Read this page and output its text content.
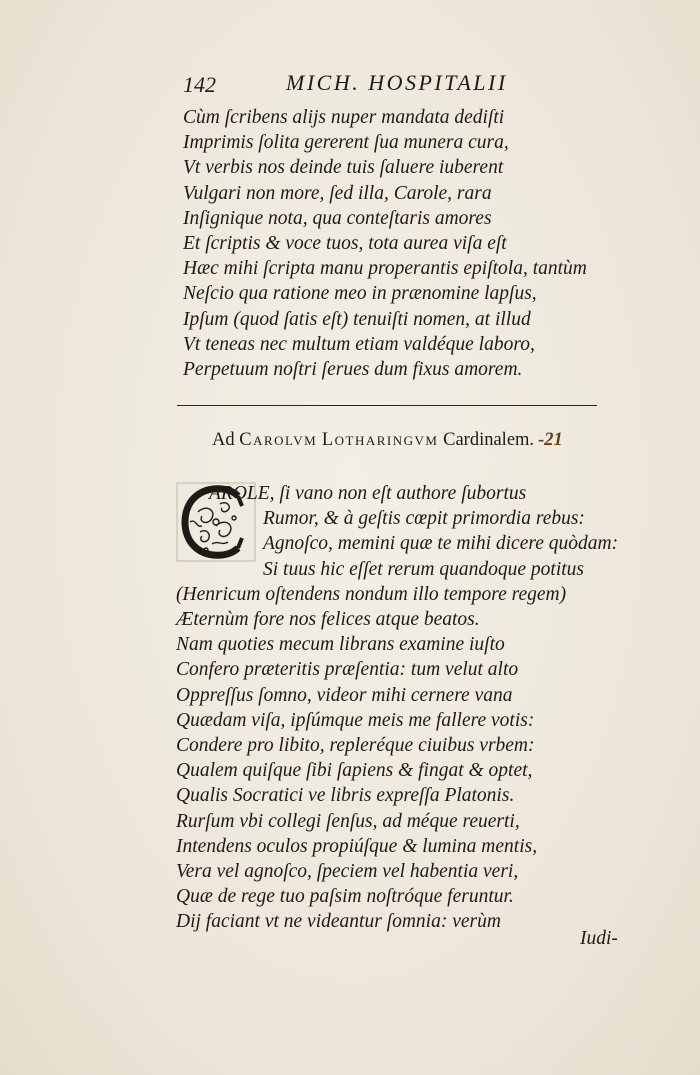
142	MICH. HOSPITALII
Cùm ſcribens aliјs nuper mandata dediſti
Imprimis ſolita gererent ſua munera cura,
Vt verbis nos deinde tuis ſaluere iuberent
Vulgari non more, ſed illa, Carole, rara
Inſignique nota, qua conteſtaris amores
Et ſcriptis & voce tuos, tota aurea viſa eſt
Hæc mihi ſcripta manu properantis epiſtola, tantùm
Neſcio qua ratione meo in prænomine lapſus,
Ipſum (quod ſatis eſt) tenuiſti nomen, at illud
Vt teneas nec multum etiam valdéque laboro,
Perpetuum noſtri ſerues dum fixus amorem.
Ad Carolvm Lotharingvm Cardinalem. -21
AROLE, ſi vano non eſt authore ſubortus
Rumor, & à geſtis cœpit primordia rebus:
Agnoſco, memini quæ te mihi dicere quòdam:
Si tuus hic eſſet rerum quandoque potitus
(Henricum oſtendens nondum illo tempore regem)
Æternùm fore nos felices atque beatos.
Nam quoties mecum librans examine iuſto
Confero præteritis præſentia: tum velut alto
Oppreſſus ſomno, videor mihi cernere vana
Quædam viſa, ipſúmque meis me fallere votis:
Condere pro libito, repleréque ciuibus vrbem:
Qualem quiſque ſibi ſapiens & fingat & optet,
Qualis Socratici ve libris expreſſa Platonis.
Rurſum vbi collegi ſenſus, ad méque reuerti,
Intendens oculos propiúſque & lumina mentis,
Vera vel agnoſco, ſpeciem vel habentia veri,
Quæ de rege tuo paſsim noſtróque feruntur.
Dij faciant vt ne videantur ſomnia: verùm
Iudi-
